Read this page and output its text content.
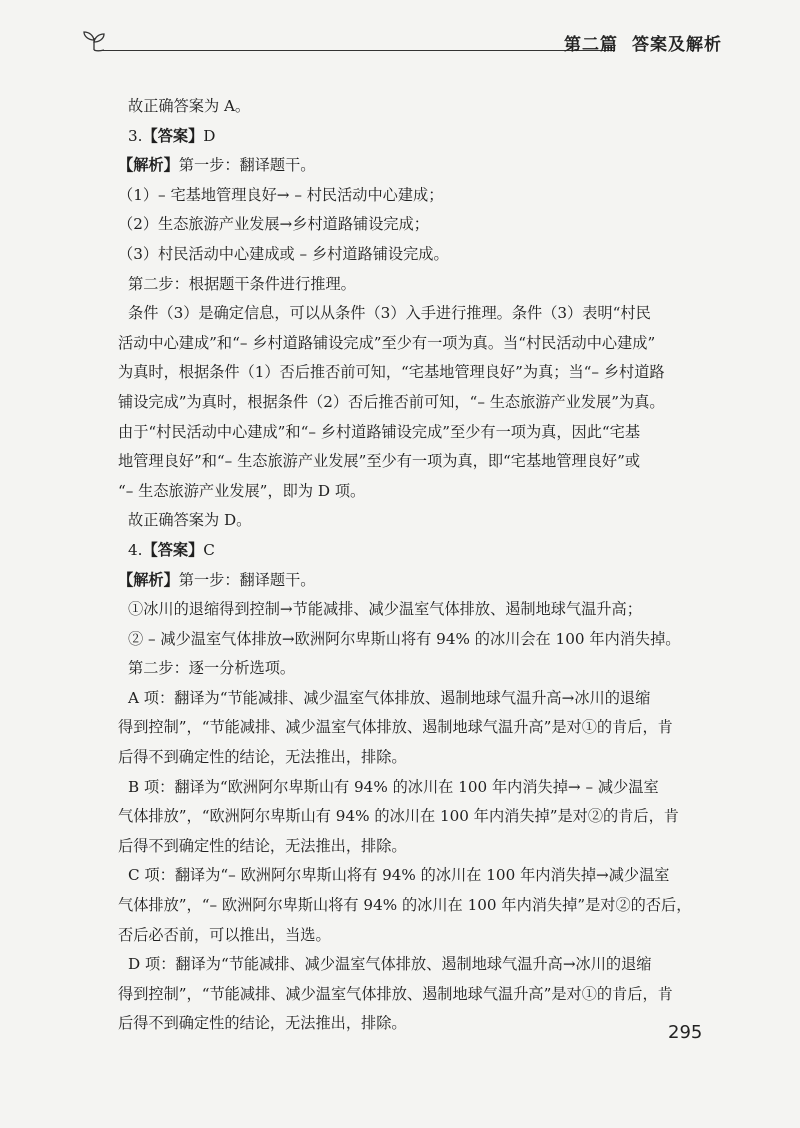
第二篇 答案及解析

故正确答案为 A。

3.【答案】D

【解析】第一步：翻译题干。

（1）– 宅基地管理良好→ – 村民活动中心建成；

（2）生态旅游产业发展→乡村道路铺设完成；

（3）村民活动中心建成或 – 乡村道路铺设完成。

第二步：根据题干条件进行推理。

条件（3）是确定信息，可以从条件（3）入手进行推理。条件（3）表明“村民
活动中心建成”和“– 乡村道路铺设完成”至少有一项为真。当“村民活动中心建成”
为真时，根据条件（1）否后推否前可知，“宅基地管理良好”为真；当“– 乡村道路
铺设完成”为真时，根据条件（2）否后推否前可知，“– 生态旅游产业发展”为真。
由于“村民活动中心建成”和“– 乡村道路铺设完成”至少有一项为真，因此“宅基
地管理良好”和“– 生态旅游产业发展”至少有一项为真，即“宅基地管理良好”或
“– 生态旅游产业发展”，即为 D 项。

故正确答案为 D。

4.【答案】C

【解析】第一步：翻译题干。

①冰川的退缩得到控制→节能减排、减少温室气体排放、遏制地球气温升高；

② – 减少温室气体排放→欧洲阿尔卑斯山将有 94% 的冰川会在 100 年内消失掉。

第二步：逐一分析选项。

A 项：翻译为“节能减排、减少温室气体排放、遏制地球气温升高→冰川的退缩
得到控制”，“节能减排、减少温室气体排放、遏制地球气温升高”是对①的肯后，肯
后得不到确定性的结论，无法推出，排除。
B 项：翻译为“欧洲阿尔卑斯山有 94% 的冰川在 100 年内消失掉→ – 减少温室
气体排放”，“欧洲阿尔卑斯山有 94% 的冰川在 100 年内消失掉”是对②的肯后，肯
后得不到确定性的结论，无法推出，排除。
C 项：翻译为“– 欧洲阿尔卑斯山将有 94% 的冰川在 100 年内消失掉→减少温室
气体排放”，“– 欧洲阿尔卑斯山将有 94% 的冰川在 100 年内消失掉”是对②的否后，
否后必否前，可以推出，当选。
D 项：翻译为“节能减排、减少温室气体排放、遏制地球气温升高→冰川的退缩
得到控制”，“节能减排、减少温室气体排放、遏制地球气温升高”是对①的肯后，肯
后得不到确定性的结论，无法推出，排除。	295
